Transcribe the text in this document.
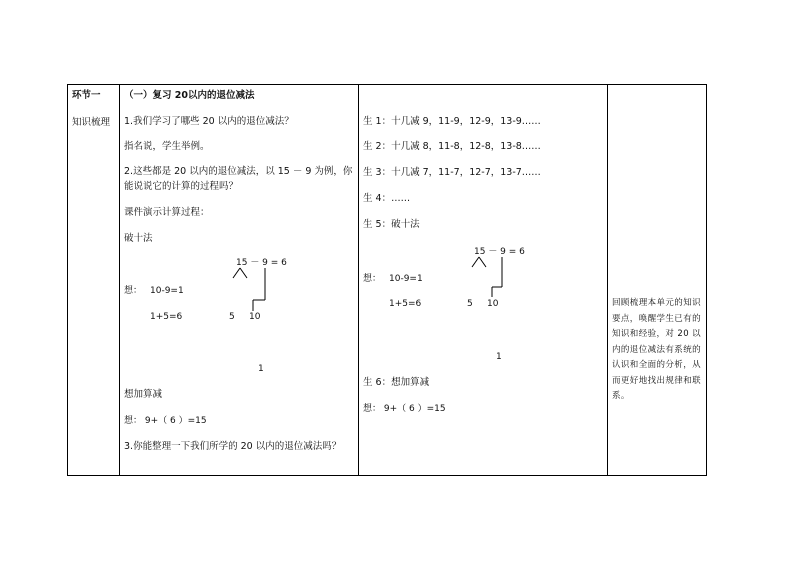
环节一
知识梳理
（一）复习 20以内的退位减法
1.我们学习了哪些 20 以内的退位减法？
指名说，学生举例。
2.这些都是 20 以内的退位减法，以 15 － 9 为例，你
能说说它的计算的过程吗？
课件演示计算过程：
破十法
15 － 9 = 6
想： 10-9=1
1+5=6	5 10
1
想加算减
想： 9+（ 6 ）=15
3.你能整理一下我们所学的 20 以内的退位减法吗？
生 1：十几减 9，11-9，12-9，13-9……
生 2：十几减 8，11-8，12-8，13-8……
生 3：十几减 7，11-7，12-7，13-7……
生 4：……
生 5：破十法
15 － 9 = 6
想： 10-9=1
1+5=6	5 10
1
生 6：想加算减
想： 9+（ 6 ）=15
回顾梳理本单元的知识要点，唤醒学生已有的知识和经验，对 20 以内的退位减法有系统的认识和全面的分析，从而更好地找出规律和联系。
